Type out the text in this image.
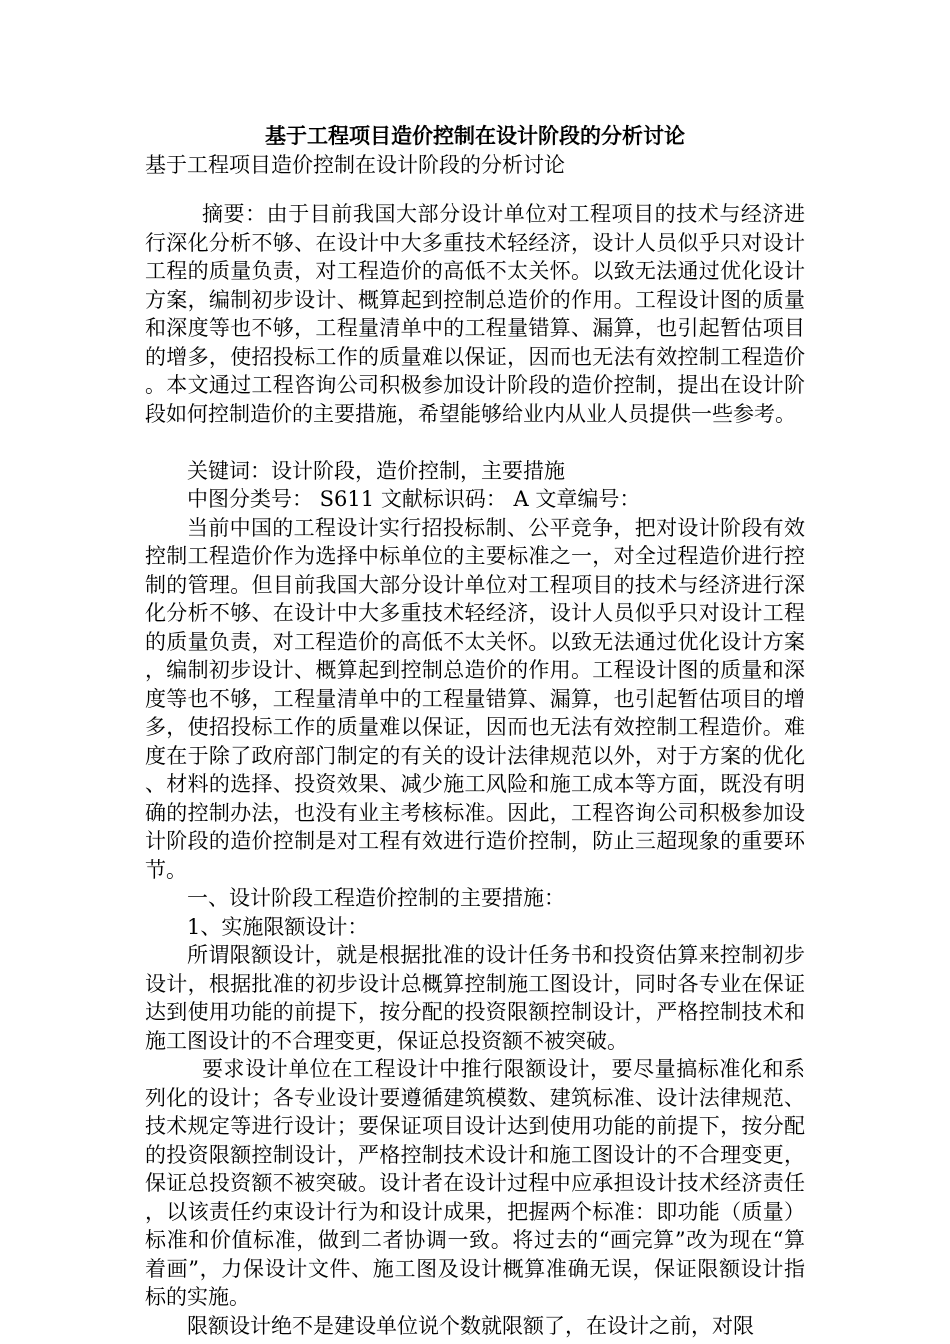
基于工程项目造价控制在设计阶段的分析讨论
基于工程项目造价控制在设计阶段的分析讨论

摘要：由于目前我国大部分设计单位对工程项目的技术与经济进行深化分析不够、在设计中大多重技术轻经济，设计人员似乎只对设计工程的质量负责，对工程造价的高低不太关怀。以致无法通过优化设计方案，编制初步设计、概算起到控制总造价的作用。工程设计图的质量和深度等也不够，工程量清单中的工程量错算、漏算，也引起暂估项目的增多，使招投标工作的质量难以保证，因而也无法有效控制工程造价。本文通过工程咨询公司积极参加设计阶段的造价控制，提出在设计阶段如何控制造价的主要措施，希望能够给业内从业人员提供一些参考。

关键词：设计阶段，造价控制，主要措施

中图分类号： S611 文献标识码： A 文章编号：

当前中国的工程设计实行招投标制、公平竞争，把对设计阶段有效控制工程造价作为选择中标单位的主要标准之一，对全过程造价进行控制的管理。但目前我国大部分设计单位对工程项目的技术与经济进行深化分析不够、在设计中大多重技术轻经济，设计人员似乎只对设计工程的质量负责，对工程造价的高低不太关怀。以致无法通过优化设计方案，编制初步设计、概算起到控制总造价的作用。工程设计图的质量和深度等也不够，工程量清单中的工程量错算、漏算，也引起暂估项目的增多，使招投标工作的质量难以保证，因而也无法有效控制工程造价。难度在于除了政府部门制定的有关的设计法律规范以外，对于方案的优化、材料的选择、投资效果、减少施工风险和施工成本等方面，既没有明确的控制办法，也没有业主考核标准。因此，工程咨询公司积极参加设计阶段的造价控制是对工程有效进行造价控制，防止三超现象的重要环节。

一、设计阶段工程造价控制的主要措施：

1、实施限额设计：

所谓限额设计，就是根据批准的设计任务书和投资估算来控制初步设计，根据批准的初步设计总概算控制施工图设计，同时各专业在保证达到使用功能的前提下，按分配的投资限额控制设计，严格控制技术和施工图设计的不合理变更，保证总投资额不被突破。

要求设计单位在工程设计中推行限额设计，要尽量搞标准化和系列化的设计；各专业设计要遵循建筑模数、建筑标准、设计法律规范、技术规定等进行设计；要保证项目设计达到使用功能的前提下，按分配的投资限额控制设计，严格控制技术设计和施工图设计的不合理变更，保证总投资额不被突破。设计者在设计过程中应承担设计技术经济责任，以该责任约束设计行为和设计成果，把握两个标准：即功能（质量）标准和价值标准，做到二者协调一致。将过去的“画完算”改为现在“算着画”，力保设计文件、施工图及设计概算准确无误，保证限额设计指标的实施。

限额设计绝不是建设单位说个数就限额了，在设计之前，对限
